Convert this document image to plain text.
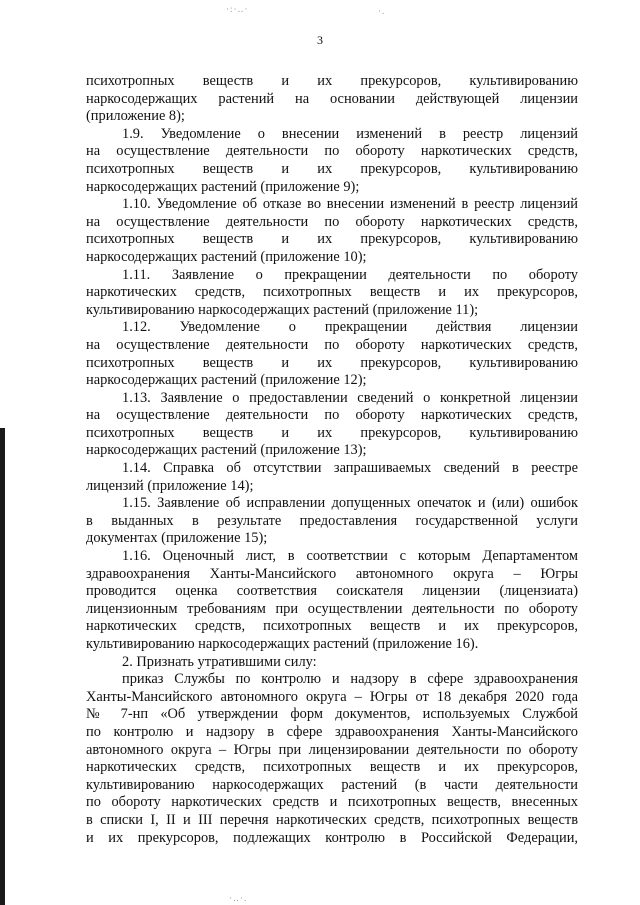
·:·‥·	·.
·‥·.
3
психотропных веществ и их прекурсоров, культивированию
наркосодержащих растений на основании действующей лицензии
(приложение 8);
1.9. Уведомление о внесении изменений в реестр лицензий
на осуществление деятельности по обороту наркотических средств,
психотропных веществ и их прекурсоров, культивированию
наркосодержащих растений (приложение 9);
1.10. Уведомление об отказе во внесении изменений в реестр лицензий
на осуществление деятельности по обороту наркотических средств,
психотропных веществ и их прекурсоров, культивированию
наркосодержащих растений (приложение 10);
1.11. Заявление о прекращении деятельности по обороту
наркотических средств, психотропных веществ и их прекурсоров,
культивированию наркосодержащих растений (приложение 11);
1.12. Уведомление о прекращении действия лицензии
на осуществление деятельности по обороту наркотических средств,
психотропных веществ и их прекурсоров, культивированию
наркосодержащих растений (приложение 12);
1.13. Заявление о предоставлении сведений о конкретной лицензии
на осуществление деятельности по обороту наркотических средств,
психотропных веществ и их прекурсоров, культивированию
наркосодержащих растений (приложение 13);
1.14. Справка об отсутствии запрашиваемых сведений в реестре
лицензий (приложение 14);
1.15. Заявление об исправлении допущенных опечаток и (или) ошибок
в выданных в результате предоставления государственной услуги
документах (приложение 15);
1.16. Оценочный лист, в соответствии с которым Департаментом
здравоохранения Ханты-Мансийского автономного округа – Югры
проводится оценка соответствия соискателя лицензии (лицензиата)
лицензионным требованиям при осуществлении деятельности по обороту
наркотических средств, психотропных веществ и их прекурсоров,
культивированию наркосодержащих растений (приложение 16).
2. Признать утратившими силу:
приказ Службы по контролю и надзору в сфере здравоохранения
Ханты-Мансийского автономного округа – Югры от 18 декабря 2020 года
№ 7-нп «Об утверждении форм документов, используемых Службой
по контролю и надзору в сфере здравоохранения Ханты-Мансийского
автономного округа – Югры при лицензировании деятельности по обороту
наркотических средств, психотропных веществ и их прекурсоров,
культивированию наркосодержащих растений (в части деятельности
по обороту наркотических средств и психотропных веществ, внесенных
в списки I, II и III перечня наркотических средств, психотропных веществ
и их прекурсоров, подлежащих контролю в Российской Федерации,
